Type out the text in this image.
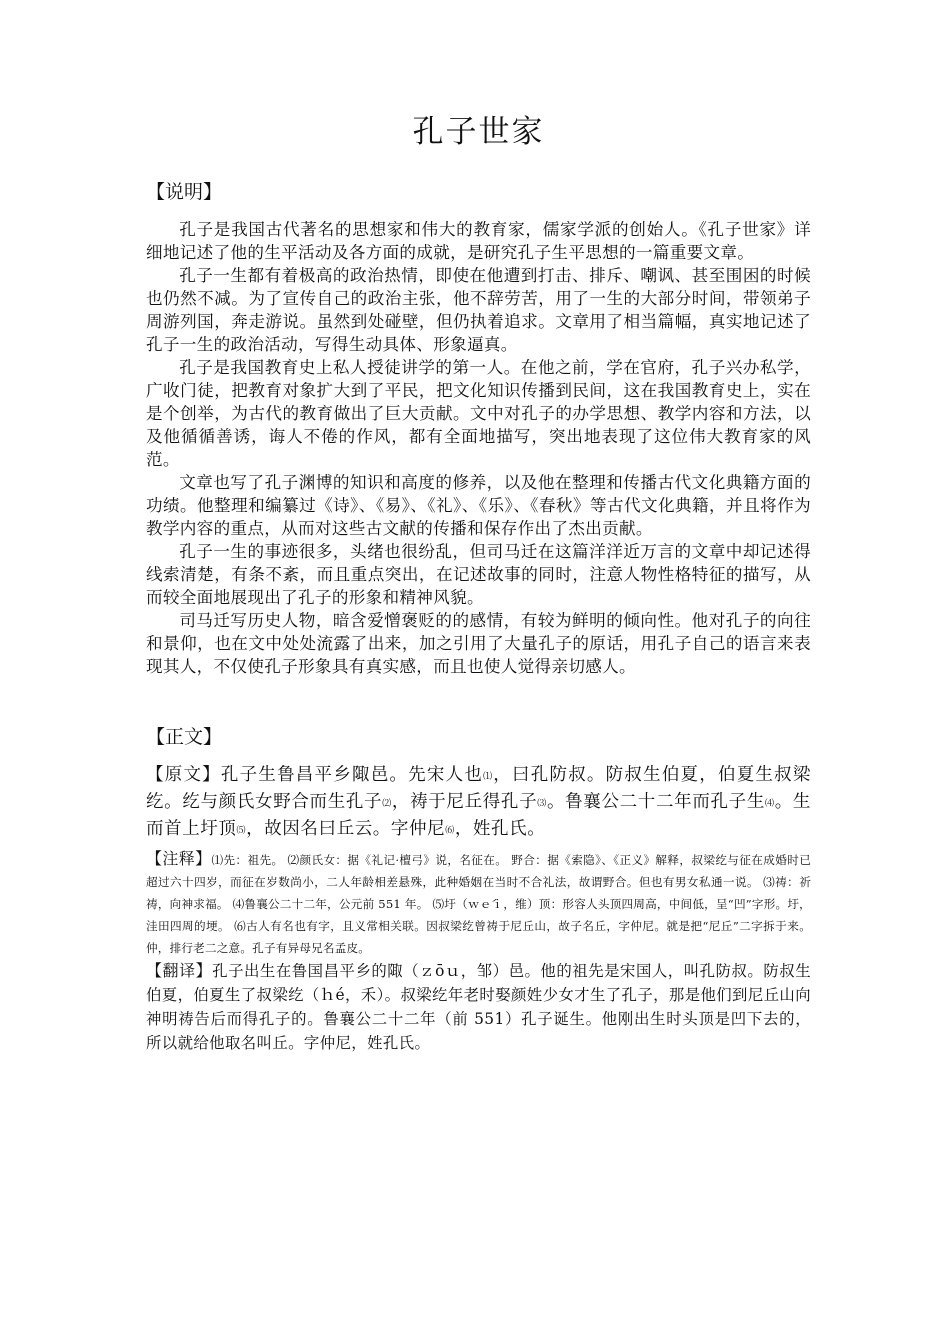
孔子世家
【说明】

孔子是我国古代著名的思想家和伟大的教育家，儒家学派的创始人。《孔子世家》详细地记述了他的生平活动及各方面的成就，是研究孔子生平思想的一篇重要文章。

孔子一生都有着极高的政治热情，即使在他遭到打击、排斥、嘲讽、甚至围困的时候也仍然不减。为了宣传自己的政治主张，他不辞劳苦，用了一生的大部分时间，带领弟子周游列国，奔走游说。虽然到处碰壁，但仍执着追求。文章用了相当篇幅，真实地记述了孔子一生的政治活动，写得生动具体、形象逼真。

孔子是我国教育史上私人授徒讲学的第一人。在他之前，学在官府，孔子兴办私学，广收门徒，把教育对象扩大到了平民，把文化知识传播到民间，这在我国教育史上，实在是个创举，为古代的教育做出了巨大贡献。文中对孔子的办学思想、教学内容和方法，以及他循循善诱，诲人不倦的作风，都有全面地描写，突出地表现了这位伟大教育家的风范。

文章也写了孔子渊博的知识和高度的修养，以及他在整理和传播古代文化典籍方面的功绩。他整理和编纂过《诗》、《易》、《礼》、《乐》、《春秋》等古代文化典籍，并且将作为教学内容的重点，从而对这些古文献的传播和保存作出了杰出贡献。

孔子一生的事迹很多，头绪也很纷乱，但司马迁在这篇洋洋近万言的文章中却记述得线索清楚，有条不紊，而且重点突出，在记述故事的同时，注意人物性格特征的描写，从而较全面地展现出了孔子的形象和精神风貌。

司马迁写历史人物，暗含爱憎褒贬的的感情，有较为鲜明的倾向性。他对孔子的向往和景仰，也在文中处处流露了出来，加之引用了大量孔子的原话，用孔子自己的语言来表现其人，不仅使孔子形象具有真实感，而且也使人觉得亲切感人。

【正文】

【原文】孔子生鲁昌平乡陬邑。先宋人也⑴，曰孔防叔。防叔生伯夏，伯夏生叔梁纥。纥与颜氏女野合而生孔子⑵，祷于尼丘得孔子⑶。鲁襄公二十二年而孔子生⑷。生而首上圩顶⑸，故因名曰丘云。字仲尼⑹，姓孔氏。

【注释】⑴先：祖先。 ⑵颜氏女：据《礼记·檀弓》说，名征在。 野合：据《索隐》、《正义》解释，叔梁纥与征在成婚时已超过六十四岁，而征在岁数尚小，二人年龄相差悬殊，此种婚姻在当时不合礼法，故谓野合。但也有男女私通一说。 ⑶祷：祈祷，向神求福。 ⑷鲁襄公二十二年，公元前 551 年。 ⑸圩（ｗｅ́ｉ，维）顶：形容人头顶四周高，中间低，呈“凹”字形。圩，洼田四周的埂。 ⑹古人有名也有字，且义常相关联。因叔梁纥曾祷于尼丘山，故子名丘，字仲尼。就是把“尼丘”二字拆于来。仲，排行老二之意。孔子有异母兄名孟皮。

【翻译】孔子出生在鲁国昌平乡的陬（ｚōｕ，邹）邑。他的祖先是宋国人，叫孔防叔。防叔生伯夏，伯夏生了叔梁纥（ｈé，禾）。叔梁纥年老时娶颜姓少女才生了孔子，那是他们到尼丘山向神明祷告后而得孔子的。鲁襄公二十二年（前 551）孔子诞生。他刚出生时头顶是凹下去的，所以就给他取名叫丘。字仲尼，姓孔氏。
